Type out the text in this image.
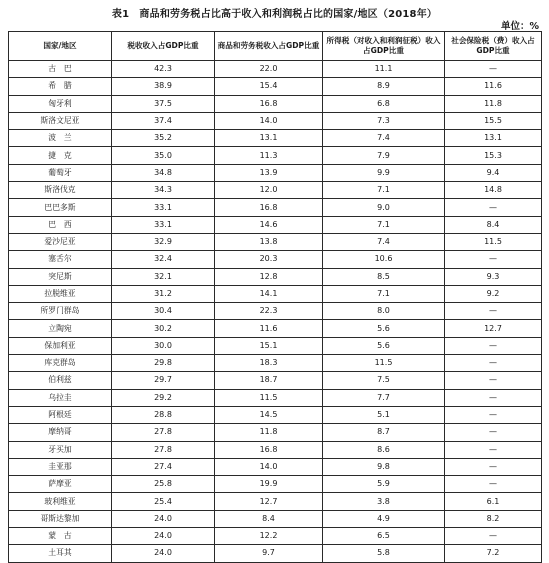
表1　商品和劳务税占比高于收入和利润税占比的国家/地区（2018年）
单位：%
国家/地区	税收收入占GDP比重	商品和劳务税收入占GDP比重	所得税（对收入和利润征税）收入占GDP比重	社会保险税（费）收入占GDP比重
古　巴	42.3	22.0	11.1	—
希　腊	38.9	15.4	8.9	11.6
匈牙利	37.5	16.8	6.8	11.8
斯洛文尼亚	37.4	14.0	7.3	15.5
波　兰	35.2	13.1	7.4	13.1
捷　克	35.0	11.3	7.9	15.3
葡萄牙	34.8	13.9	9.9	9.4
斯洛伐克	34.3	12.0	7.1	14.8
巴巴多斯	33.1	16.8	9.0	—
巴　西	33.1	14.6	7.1	8.4
爱沙尼亚	32.9	13.8	7.4	11.5
塞舌尔	32.4	20.3	10.6	—
突尼斯	32.1	12.8	8.5	9.3
拉脱维亚	31.2	14.1	7.1	9.2
所罗门群岛	30.4	22.3	8.0	—
立陶宛	30.2	11.6	5.6	12.7
保加利亚	30.0	15.1	5.6	—
库克群岛	29.8	18.3	11.5	—
伯利兹	29.7	18.7	7.5	—
乌拉圭	29.2	11.5	7.7	—
阿根廷	28.8	14.5	5.1	—
摩纳哥	27.8	11.8	8.7	—
牙买加	27.8	16.8	8.6	—
圭亚那	27.4	14.0	9.8	—
萨摩亚	25.8	19.9	5.9	—
玻利维亚	25.4	12.7	3.8	6.1
哥斯达黎加	24.0	8.4	4.9	8.2
蒙　古	24.0	12.2	6.5	—
土耳其	24.0	9.7	5.8	7.2
